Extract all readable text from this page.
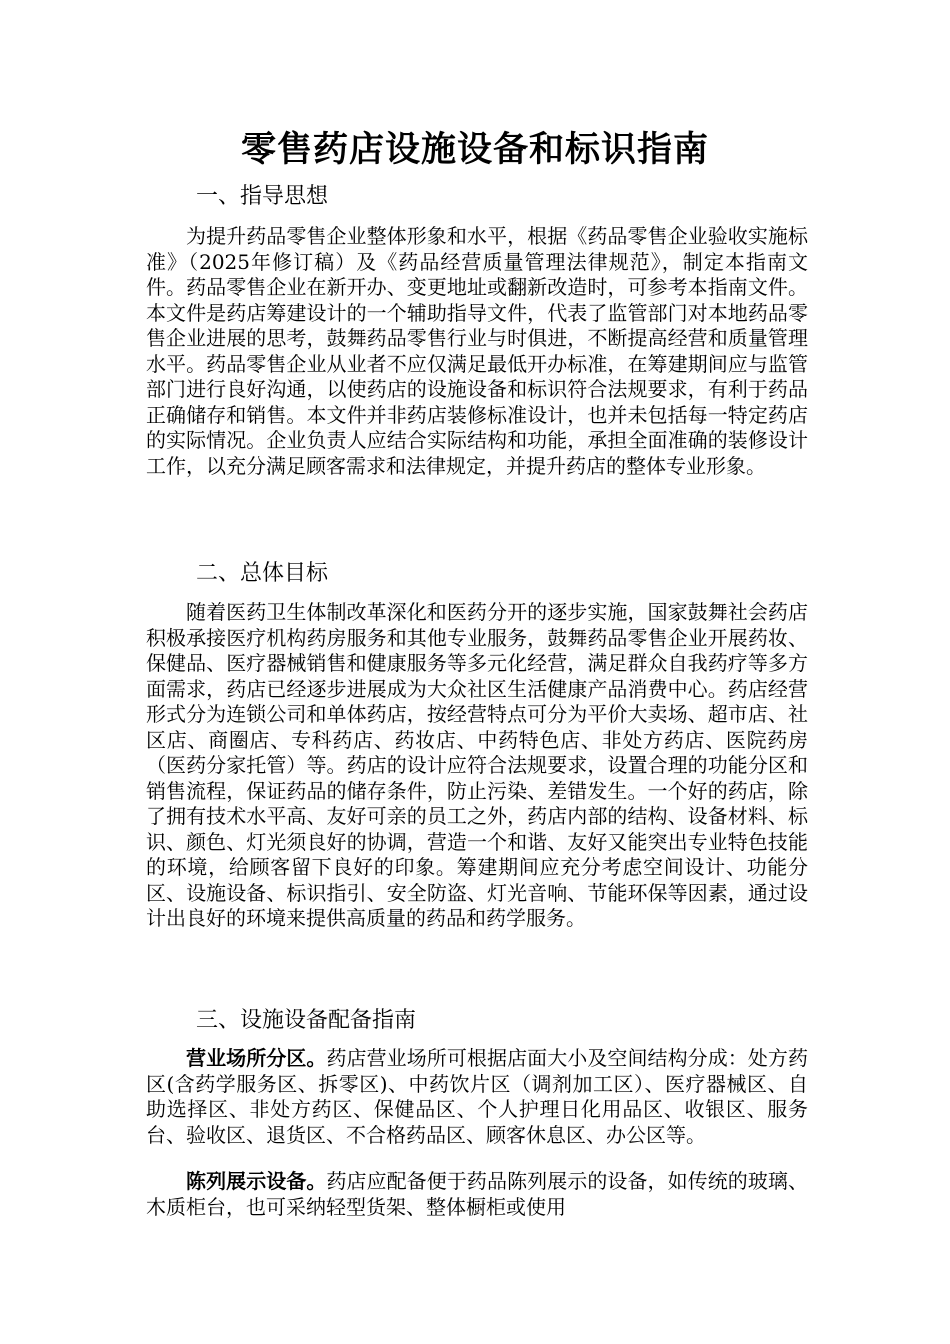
零售药店设施设备和标识指南
一、指导思想

为提升药品零售企业整体形象和水平，根据《药品零售企业验收实施标准》（2025年修订稿）及《药品经营质量管理法律规范》，制定本指南文件。药品零售企业在新开办、变更地址或翻新改造时，可参考本指南文件。本文件是药店筹建设计的一个辅助指导文件，代表了监管部门对本地药品零售企业进展的思考，鼓舞药品零售行业与时俱进，不断提高经营和质量管理水平。药品零售企业从业者不应仅满足最低开办标准，在筹建期间应与监管部门进行良好沟通，以使药店的设施设备和标识符合法规要求，有利于药品正确储存和销售。本文件并非药店装修标准设计，也并未包括每一特定药店的实际情况。企业负责人应结合实际结构和功能，承担全面准确的装修设计工作，以充分满足顾客需求和法律规定，并提升药店的整体专业形象。

二、总体目标

随着医药卫生体制改革深化和医药分开的逐步实施，国家鼓舞社会药店积极承接医疗机构药房服务和其他专业服务，鼓舞药品零售企业开展药妆、保健品、医疗器械销售和健康服务等多元化经营，满足群众自我药疗等多方面需求，药店已经逐步进展成为大众社区生活健康产品消费中心。药店经营形式分为连锁公司和单体药店，按经营特点可分为平价大卖场、超市店、社区店、商圈店、专科药店、药妆店、中药特色店、非处方药店、医院药房（医药分家托管）等。药店的设计应符合法规要求，设置合理的功能分区和销售流程，保证药品的储存条件，防止污染、差错发生。一个好的药店，除了拥有技术水平高、友好可亲的员工之外，药店内部的结构、设备材料、标识、颜色、灯光须良好的协调，营造一个和谐、友好又能突出专业特色技能的环境，给顾客留下良好的印象。筹建期间应充分考虑空间设计、功能分区、设施设备、标识指引、安全防盗、灯光音响、节能环保等因素，通过设计出良好的环境来提供高质量的药品和药学服务。

三、设施设备配备指南

营业场所分区。药店营业场所可根据店面大小及空间结构分成：处方药区(含药学服务区、拆零区)、中药饮片区（调剂加工区）、医疗器械区、自助选择区、非处方药区、保健品区、个人护理日化用品区、收银区、服务台、验收区、退货区、不合格药品区、顾客休息区、办公区等。

陈列展示设备。药店应配备便于药品陈列展示的设备，如传统的玻璃、木质柜台，也可采纳轻型货架、整体橱柜或使用
